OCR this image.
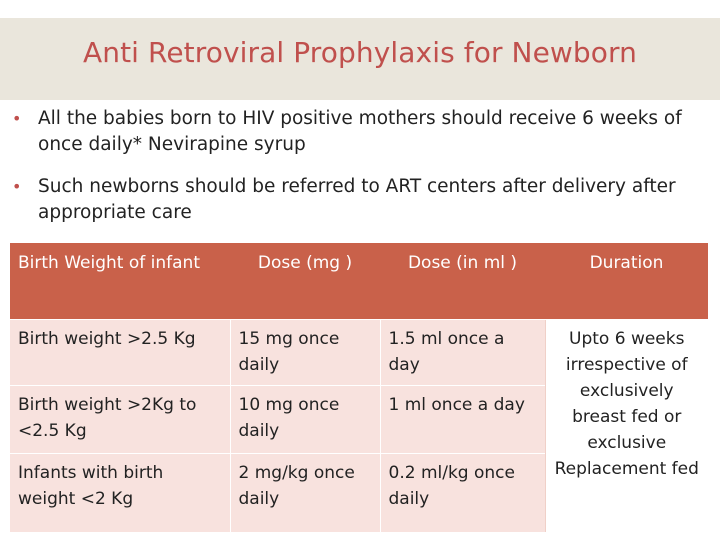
Anti Retroviral Prophylaxis for Newborn
• All the babies born to HIV positive mothers should receive 6 weeks of once daily* Nevirapine syrup
• Such newborns should be referred to ART centers after delivery after appropriate care
Birth Weight of infant	Dose (mg )	Dose (in ml )	Duration
Birth weight >2.5 Kg	15 mg once daily	1.5 ml once a day	Upto 6 weeks irrespective of exclusively breast fed or exclusive Replacement fed
Birth weight >2Kg to <2.5 Kg	10 mg once daily	1 ml once a day	
Infants with birth weight <2 Kg	2 mg/kg once daily	0.2 ml/kg once daily	
